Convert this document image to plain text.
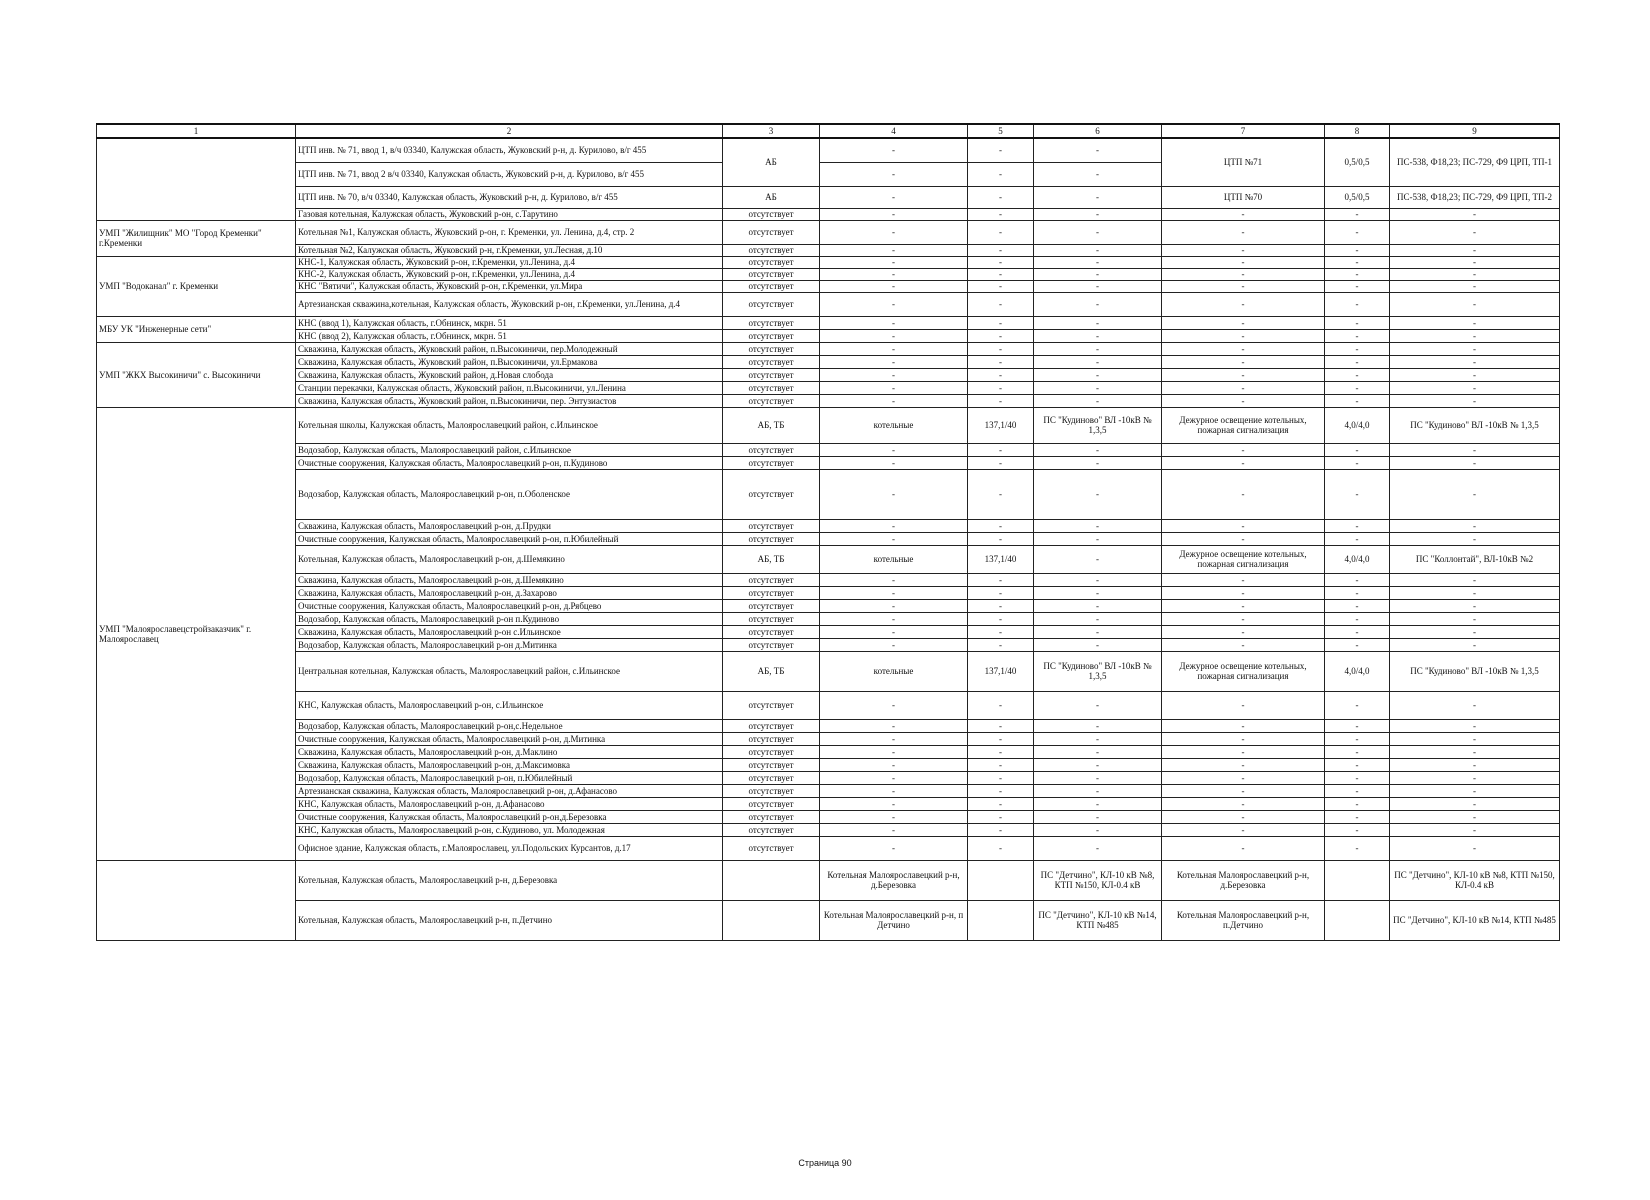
1	2	3	4	5	6	7	8	9
	ЦТП инв. № 71, ввод 1, в/ч 03340, Калужская область, Жуковский р-н, д. Курилово, в/г 455	АБ	-	-	-	ЦТП №71	0,5/0,5	ПС-538, Ф18,23; ПС-729, Ф9 ЦРП, ТП-1
	ЦТП инв. № 71, ввод 2 в/ч 03340, Калужская область, Жуковский р-н, д. Курилово, в/г 455		-	-	-			
	ЦТП инв. № 70, в/ч 03340, Калужская область, Жуковский р-н, д. Курилово, в/г 455	АБ	-	-	-	ЦТП №70	0,5/0,5	ПС-538, Ф18,23; ПС-729, Ф9 ЦРП, ТП-2
	Газовая котельная, Калужская область, Жуковский р-он, с.Тарутино	отсутствует	-	-	-	-	-	-
УМП "Жилищник" МО "Город Кременки" г.Кременки	Котельная №1, Калужская область, Жуковский р-он, г. Кременки, ул. Ленина, д.4, стр. 2	отсутствует	-	-	-	-	-	-
	Котельная №2, Калужская область, Жуковский р-н, г.Кременки, ул.Лесная, д.10	отсутствует	-	-	-	-	-	-
УМП "Водоканал" г. Кременки	КНС-1, Калужская область, Жуковский р-он, г.Кременки, ул.Ленина, д.4	отсутствует	-	-	-	-	-	-
	КНС-2, Калужская область, Жуковский р-он, г.Кременки, ул.Ленина, д.4	отсутствует	-	-	-	-	-	-
	КНС "Вятичи", Калужская область, Жуковский р-он, г.Кременки, ул.Мира	отсутствует	-	-	-	-	-	-
	Артезианская скважина,котельная, Калужская область, Жуковский р-он, г.Кременки, ул.Ленина, д.4	отсутствует	-	-	-	-	-	-
МБУ УК "Инженерные сети"	КНС (ввод 1), Калужская область, г.Обнинск, мкрн. 51	отсутствует	-	-	-	-	-	-
	КНС (ввод 2), Калужская область, г.Обнинск, мкрн. 51	отсутствует	-	-	-	-	-	-
УМП "ЖКХ Высокиничи" с. Высокиничи	Скважина, Калужская область, Жуковский район, п.Высокиничи, пер.Молодежный	отсутствует	-	-	-	-	-	-
	Скважина, Калужская область, Жуковский район, п.Высокиничи, ул.Ермакова	отсутствует	-	-	-	-	-	-
	Скважина, Калужская область, Жуковский район, д.Новая слобода	отсутствует	-	-	-	-	-	-
	Станции перекачки, Калужская область, Жуковский район, п.Высокиничи, ул.Ленина	отсутствует	-	-	-	-	-	-
	Скважина, Калужская область, Жуковский район, п.Высокиничи, пер. Энтузиастов	отсутствует	-	-	-	-	-	-
УМП "Малоярославецстройзаказчик" г. Малоярославец	Котельная школы, Калужская область, Малоярославецкий район, с.Ильинское	АБ, ТБ	котельные	137,1/40	ПС "Кудиново" ВЛ -10кВ № 1,3,5	Дежурное освещение котельных, пожарная сигнализация	4,0/4,0	ПС "Кудиново" ВЛ -10кВ № 1,3,5
	Водозабор, Калужская область, Малоярославецкий район, с.Ильинское	отсутствует	-	-	-	-	-	-
	Очистные сооружения, Калужская область, Малоярославецкий р-он, п.Кудиново	отсутствует	-	-	-	-	-	-
	Водозабор, Калужская область, Малоярославецкий р-он, п.Оболенское	отсутствует	-	-	-	-	-	-
	Скважина, Калужская область, Малоярославецкий р-он, д.Прудки	отсутствует	-	-	-	-	-	-
	Очистные сооружения, Калужская область, Малоярославецкий р-он, п.Юбилейный	отсутствует	-	-	-	-	-	-
	Котельная, Калужская область, Малоярославецкий р-он, д.Шемякино	АБ, ТБ	котельные	137,1/40	-	Дежурное освещение котельных, пожарная сигнализация	4,0/4,0	ПС "Коллонтай", ВЛ-10кВ №2
	Скважина, Калужская область, Малоярославецкий р-он, д.Шемякино	отсутствует	-	-	-	-	-	-
	Скважина, Калужская область, Малоярославецкий р-он, д.Захарово	отсутствует	-	-	-	-	-	-
	Очистные сооружения, Калужская область, Малоярославецкий р-он, д.Рябцево	отсутствует	-	-	-	-	-	-
	Водозабор, Калужская область, Малоярославецкий р-он п.Кудиново	отсутствует	-	-	-	-	-	-
	Скважина, Калужская область, Малоярославецкий р-он с.Ильинское	отсутствует	-	-	-	-	-	-
	Водозабор, Калужская область, Малоярославецкий р-он д.Митинка	отсутствует	-	-	-	-	-	-
	Центральная котельная, Калужская область, Малоярославецкий район, с.Ильинское	АБ, ТБ	котельные	137,1/40	ПС "Кудиново" ВЛ -10кВ № 1,3,5	Дежурное освещение котельных, пожарная сигнализация	4,0/4,0	ПС "Кудиново" ВЛ -10кВ № 1,3,5
	КНС, Калужская область, Малоярославецкий р-он, с.Ильинское	отсутствует	-	-	-	-	-	-
	Водозабор, Калужская область, Малоярославецкий р-он,с.Недельное	отсутствует	-	-	-	-	-	-
	Очистные сооружения, Калужская область, Малоярославецкий р-он, д.Митинка	отсутствует	-	-	-	-	-	-
	Скважина, Калужская область, Малоярославецкий р-он, д.Маклино	отсутствует	-	-	-	-	-	-
	Скважина, Калужская область, Малоярославецкий р-он, д.Максимовка	отсутствует	-	-	-	-	-	-
	Водозабор, Калужская область, Малоярославецкий р-он, п.Юбилейный	отсутствует	-	-	-	-	-	-
	Артезианская скважина, Калужская область, Малоярославецкий р-он, д.Афанасово	отсутствует	-	-	-	-	-	-
	КНС, Калужская область, Малоярославецкий р-он, д.Афанасово	отсутствует	-	-	-	-	-	-
	Очистные сооружения, Калужская область, Малоярославецкий р-он,д.Березовка	отсутствует	-	-	-	-	-	-
	КНС, Калужская область, Малоярославецкий р-он, с.Кудиново, ул. Молодежная	отсутствует	-	-	-	-	-	-
	Офисное здание, Калужская область, г.Малоярославец, ул.Подольских Курсантов, д.17	отсутствует	-	-	-	-	-	-
	Котельная, Калужская область, Малоярославецкий р-н, д.Березовка		Котельная Малоярославецкий р-н, д.Березовка		ПС "Детчино", КЛ-10 кВ №8, КТП №150, КЛ-0.4 кВ	Котельная Малоярославецкий р-н, д.Березовка		ПС "Детчино", КЛ-10 кВ №8, КТП №150, КЛ-0.4 кВ
	Котельная, Калужская область, Малоярославецкий р-н, п.Детчино		Котельная Малоярославецкий р-н, п Детчино		ПС "Детчино", КЛ-10 кВ №14, КТП №485	Котельная Малоярославецкий р-н, п.Детчино		ПС "Детчино", КЛ-10 кВ №14, КТП №485
Страница 90
